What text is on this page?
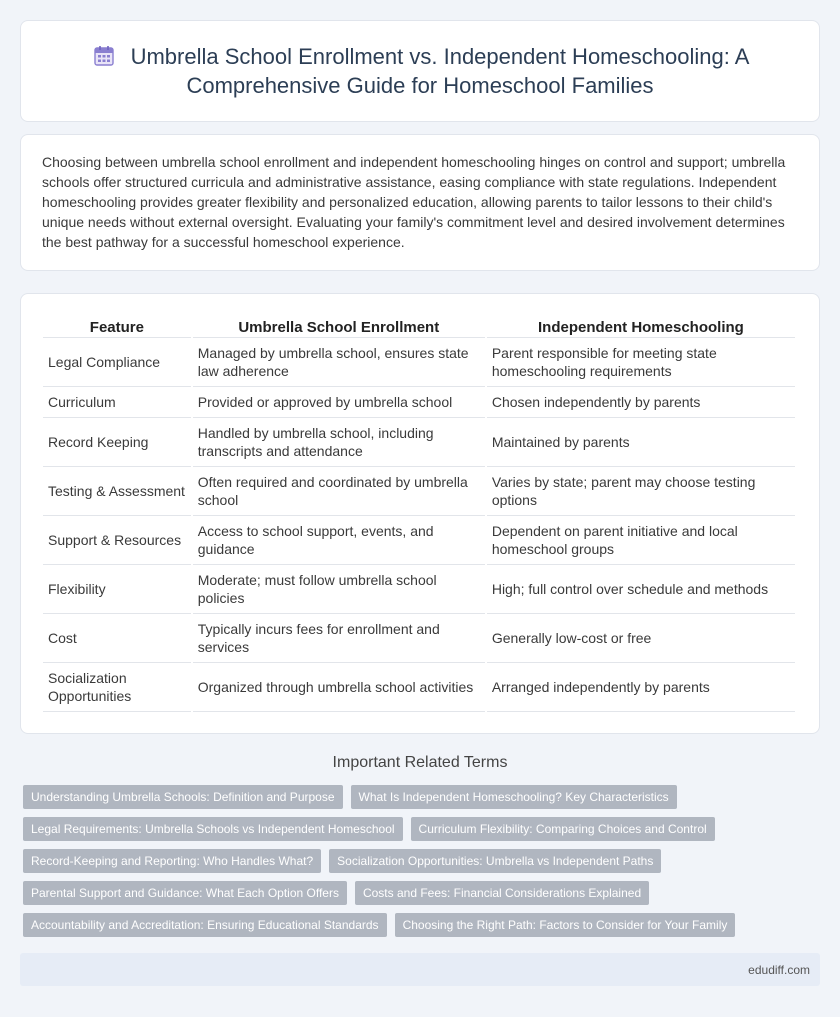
Umbrella School Enrollment vs. Independent Homeschooling: A Comprehensive Guide for Homeschool Families

Choosing between umbrella school enrollment and independent homeschooling hinges on control and support; umbrella schools offer structured curricula and administrative assistance, easing compliance with state regulations. Independent homeschooling provides greater flexibility and personalized education, allowing parents to tailor lessons to their child's unique needs without external oversight. Evaluating your family's commitment level and desired involvement determines the best pathway for a successful homeschool experience.

Feature	Umbrella School Enrollment	Independent Homeschooling
Legal Compliance	Managed by umbrella school, ensures state law adherence	Parent responsible for meeting state homeschooling requirements
Curriculum	Provided or approved by umbrella school	Chosen independently by parents
Record Keeping	Handled by umbrella school, including transcripts and attendance	Maintained by parents
Testing & Assessment	Often required and coordinated by umbrella school	Varies by state; parent may choose testing options
Support & Resources	Access to school support, events, and guidance	Dependent on parent initiative and local homeschool groups
Flexibility	Moderate; must follow umbrella school policies	High; full control over schedule and methods
Cost	Typically incurs fees for enrollment and services	Generally low-cost or free
Socialization Opportunities	Organized through umbrella school activities	Arranged independently by parents
Important Related Terms
Understanding Umbrella Schools: Definition and Purpose	What Is Independent Homeschooling? Key Characteristics
Legal Requirements: Umbrella Schools vs Independent Homeschool	Curriculum Flexibility: Comparing Choices and Control
Record-Keeping and Reporting: Who Handles What?	Socialization Opportunities: Umbrella vs Independent Paths
Parental Support and Guidance: What Each Option Offers	Costs and Fees: Financial Considerations Explained
Accountability and Accreditation: Ensuring Educational Standards	Choosing the Right Path: Factors to Consider for Your Family
edudiff.com
